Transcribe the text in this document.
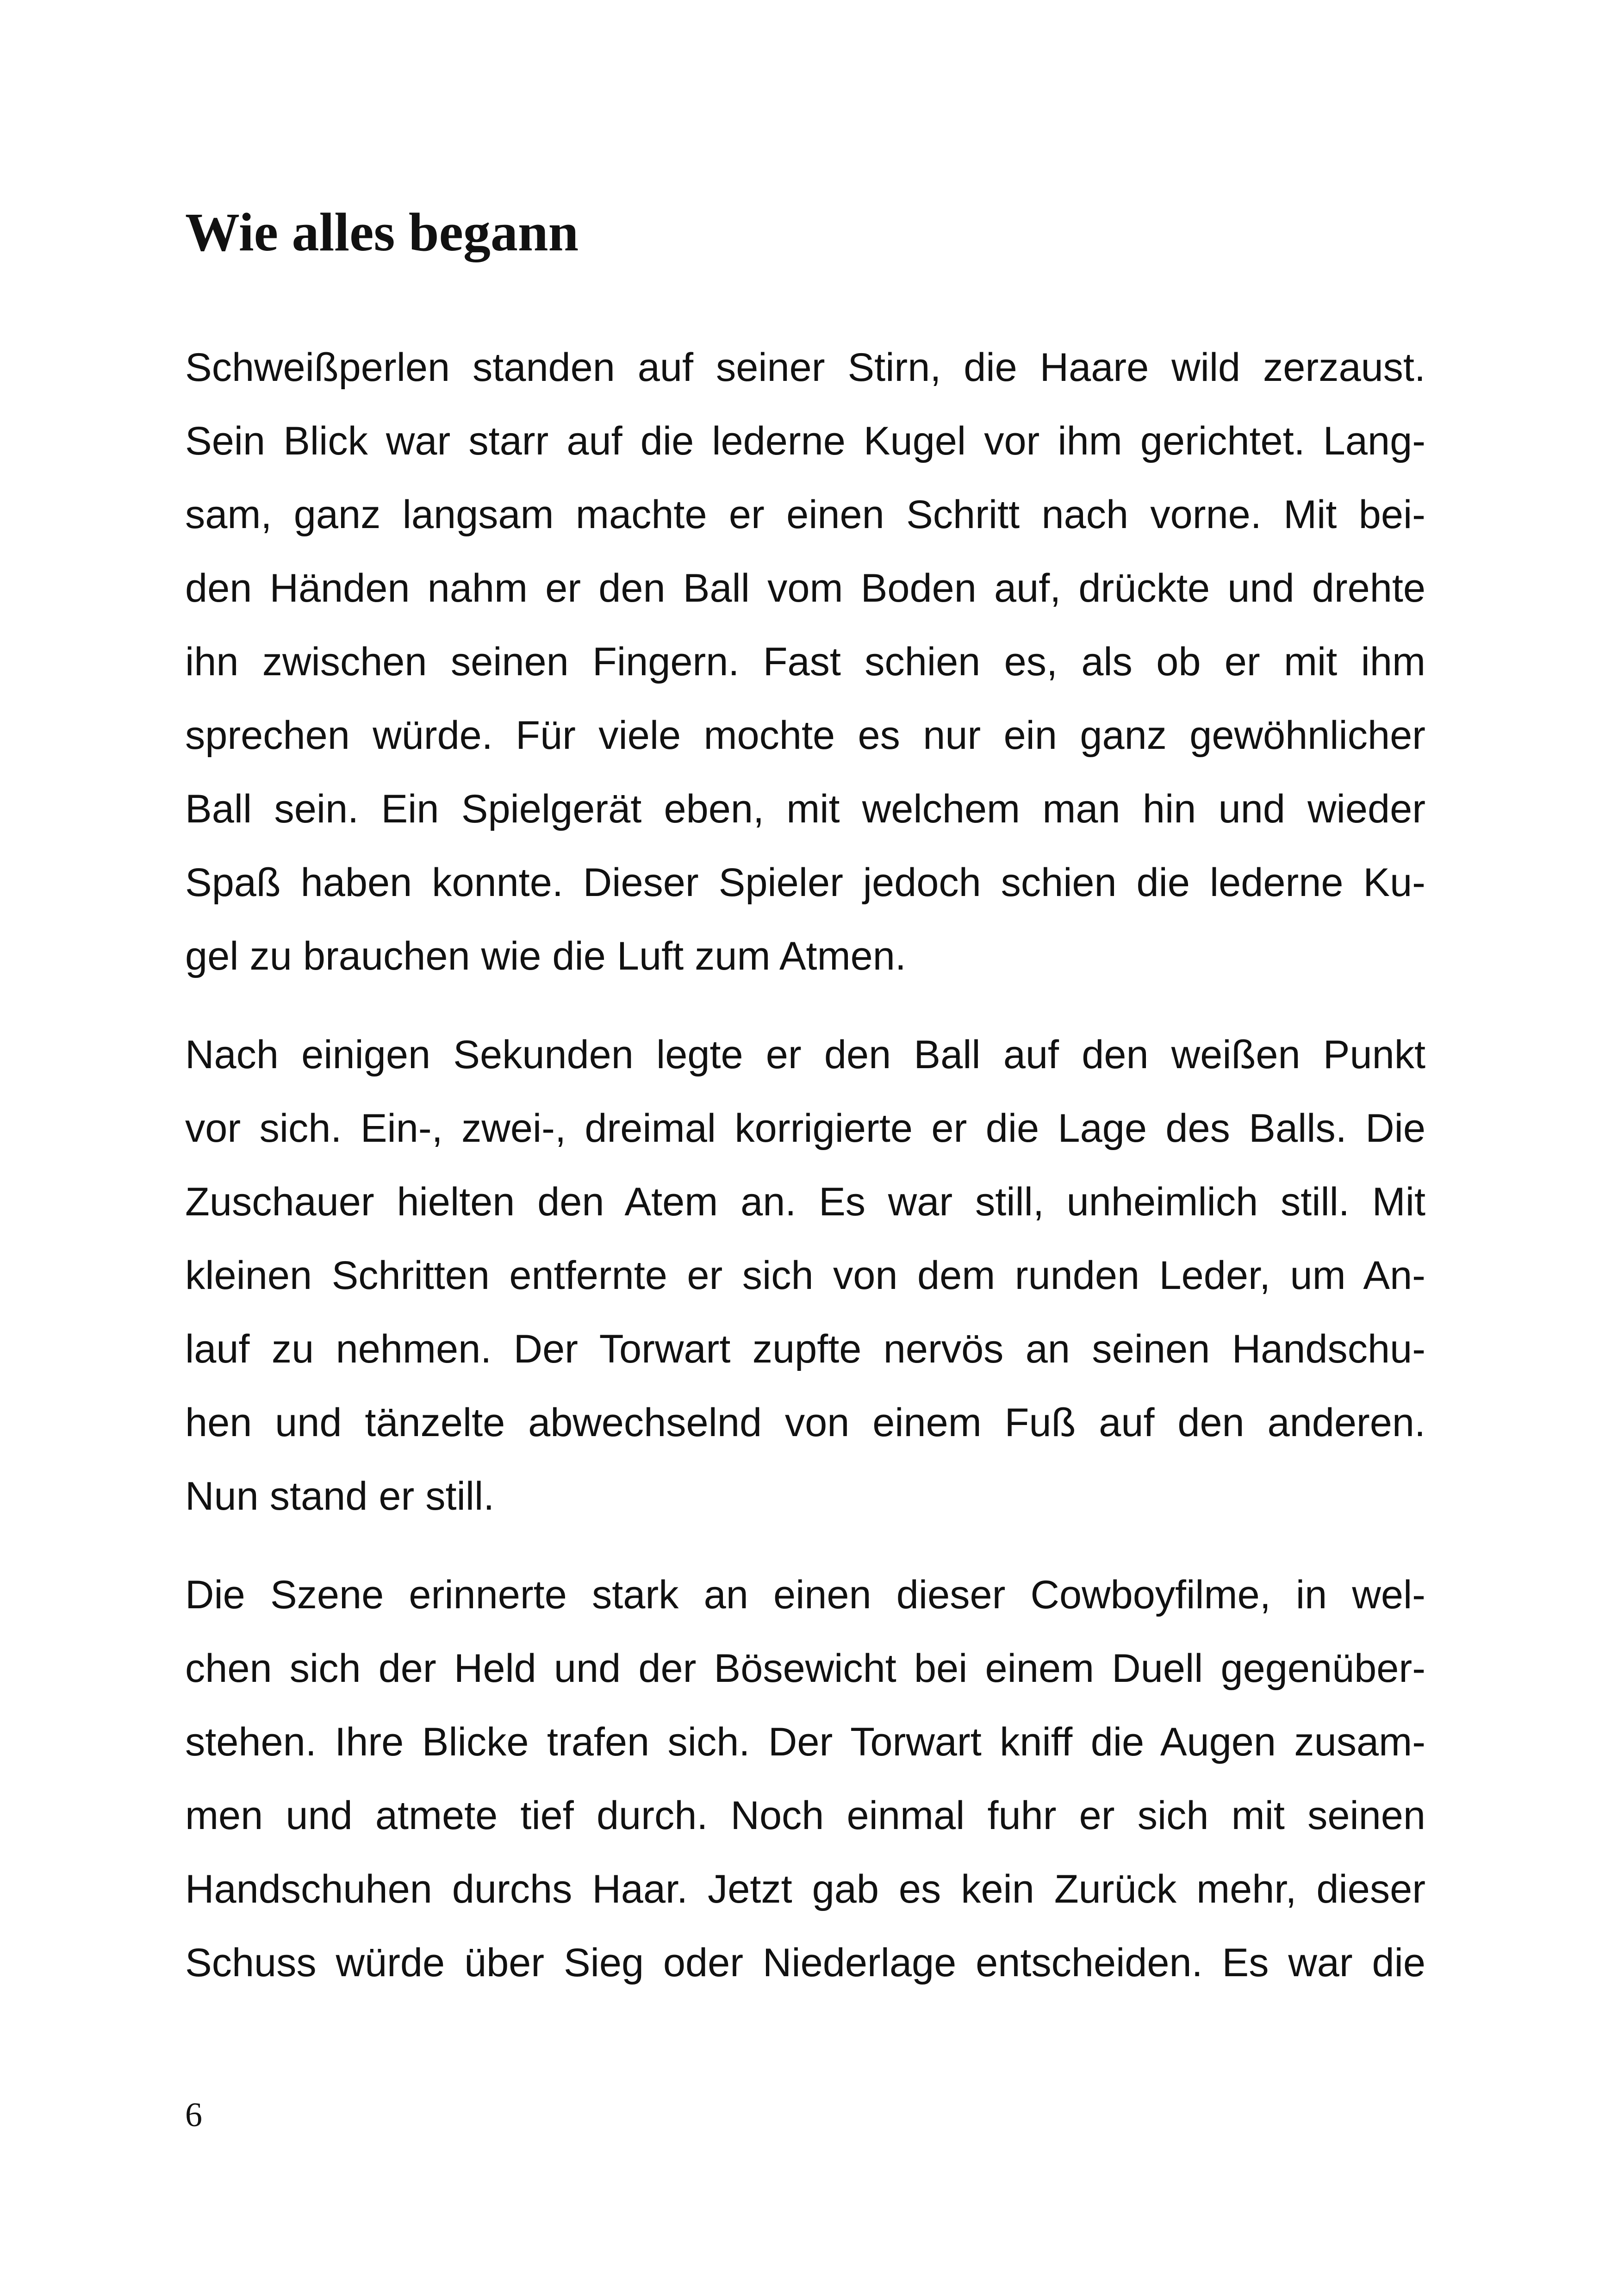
Wie alles begann

Schweißperlen standen auf seiner Stirn, die Haare wild zerzaust.
Sein Blick war starr auf die lederne Kugel vor ihm gerichtet. Lang-
sam, ganz langsam machte er einen Schritt nach vorne. Mit bei-
den Händen nahm er den Ball vom Boden auf, drückte und drehte
ihn zwischen seinen Fingern. Fast schien es, als ob er mit ihm
sprechen würde. Für viele mochte es nur ein ganz gewöhnlicher
Ball sein. Ein Spielgerät eben, mit welchem man hin und wieder
Spaß haben konnte. Dieser Spieler jedoch schien die lederne Ku-
gel zu brauchen wie die Luft zum Atmen.

Nach einigen Sekunden legte er den Ball auf den weißen Punkt
vor sich. Ein-, zwei-, dreimal korrigierte er die Lage des Balls. Die
Zuschauer hielten den Atem an. Es war still, unheimlich still. Mit
kleinen Schritten entfernte er sich von dem runden Leder, um An-
lauf zu nehmen. Der Torwart zupfte nervös an seinen Handschu-
hen und tänzelte abwechselnd von einem Fuß auf den anderen.
Nun stand er still.

Die Szene erinnerte stark an einen dieser Cowboyfilme, in wel-
chen sich der Held und der Bösewicht bei einem Duell gegenüber-
stehen. Ihre Blicke trafen sich. Der Torwart kniff die Augen zusam-
men und atmete tief durch. Noch einmal fuhr er sich mit seinen
Handschuhen durchs Haar. Jetzt gab es kein Zurück mehr, dieser
Schuss würde über Sieg oder Niederlage entscheiden. Es war die

6
